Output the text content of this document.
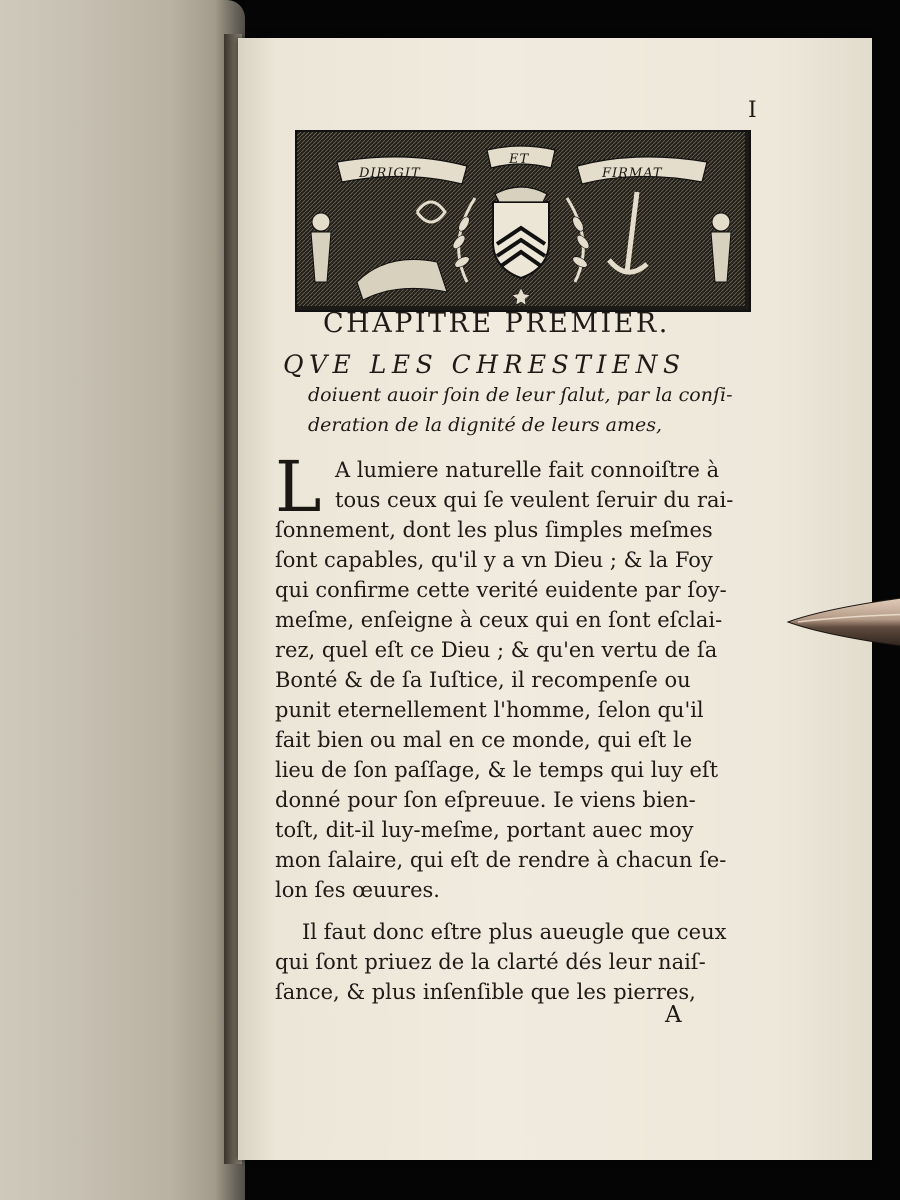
I
DIRIGIT
ET
FIRMAT
CHAPITRE PREMIER.
QVE LES CHRESTIENS
doiuent auoir ſoin de leur ſalut, par la conſi-
deration de la dignité de leurs ames,
L A lumiere naturelle fait connoiſtre à
tous ceux qui ſe veulent ſeruir du rai-
ſonnement, dont les plus ſimples meſmes
ſont capables, qu'il y a vn Dieu ; & la Foy
qui confirme cette verité euidente par ſoy-
meſme, enſeigne à ceux qui en ſont eſclai-
rez, quel eſt ce Dieu ; & qu'en vertu de ſa
Bonté & de ſa Iuſtice, il recompenſe ou
punit eternellement l'homme, ſelon qu'il
fait bien ou mal en ce monde, qui eſt le
lieu de ſon paſſage, & le temps qui luy eſt
donné pour ſon eſpreuue. Ie viens bien-
toſt, dit-il luy-meſme, portant auec moy
mon ſalaire, qui eſt de rendre à chacun ſe-
lon ſes œuures.
Il faut donc eſtre plus aueugle que ceux
qui ſont priuez de la clarté dés leur naiſ-
ſance, & plus inſenſible que les pierres,
A
